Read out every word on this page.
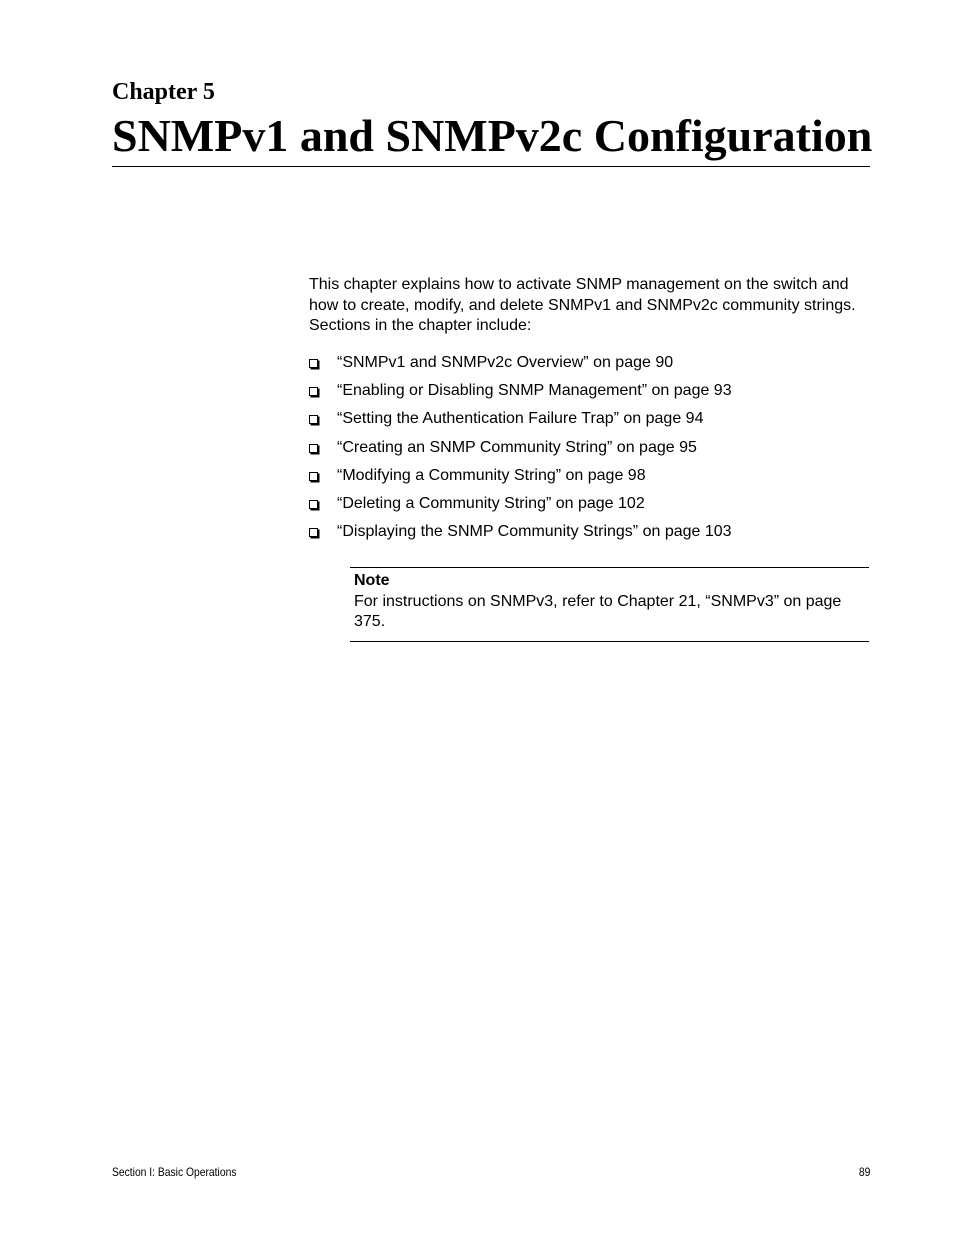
Chapter 5
SNMPv1 and SNMPv2c Configuration

This chapter explains how to activate SNMP management on the switch and how to create, modify, and delete SNMPv1 and SNMPv2c community strings. Sections in the chapter include:

“SNMPv1 and SNMPv2c Overview” on page 90
“Enabling or Disabling SNMP Management” on page 93
“Setting the Authentication Failure Trap” on page 94
“Creating an SNMP Community String” on page 95
“Modifying a Community String” on page 98
“Deleting a Community String” on page 102
“Displaying the SNMP Community Strings” on page 103
Note
For instructions on SNMPv3, refer to Chapter 21, “SNMPv3” on page 375.
Section I: Basic Operations	89
